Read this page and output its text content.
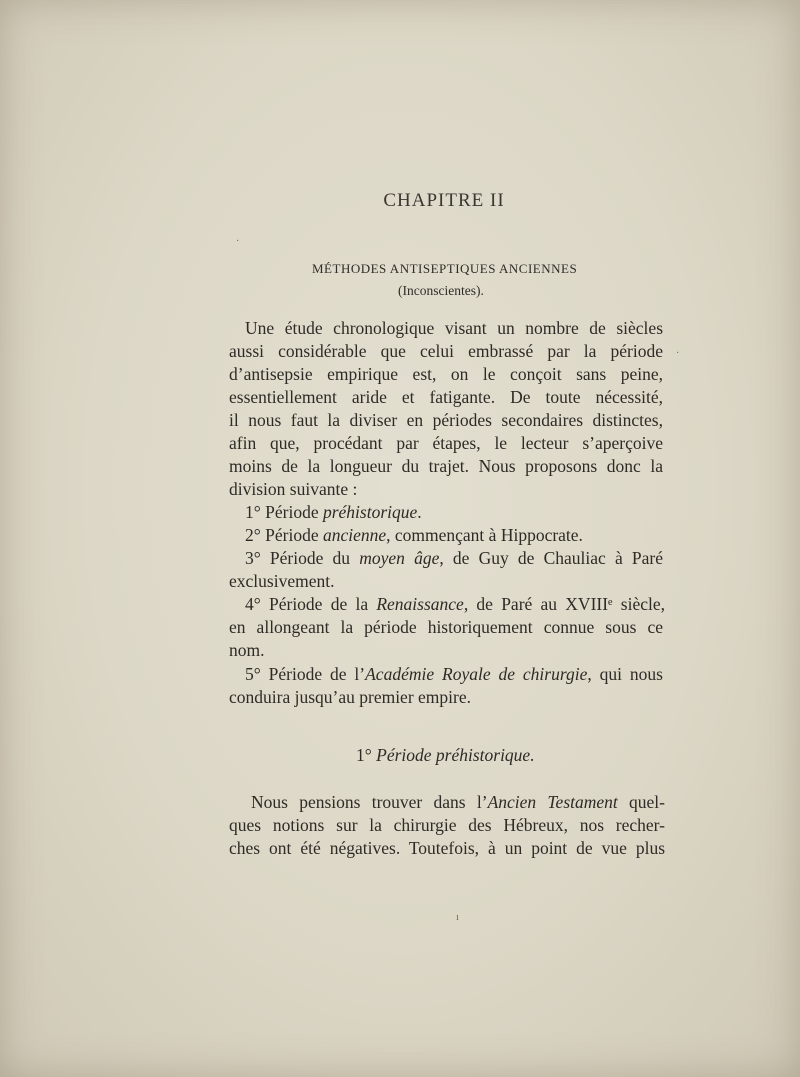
CHAPITRE II
·
MÉTHODES ANTISEPTIQUES ANCIENNES
(Inconscientes).
Une étude chronologique visant un nombre de siècles
aussi considérable que celui embrassé par la période
d’antisepsie empirique est, on le conçoit sans peine,
essentiellement aride et fatigante. De toute nécessité,
il nous faut la diviser en périodes secondaires distinctes,
afin que, procédant par étapes, le lecteur s’aperçoive
moins de la longueur du trajet. Nous proposons donc la
division suivante :
1° Période préhistorique.
2° Période ancienne, commençant à Hippocrate.
3° Période du moyen âge, de Guy de Chauliac à Paré
exclusivement.
4° Période de la Renaissance, de Paré au XVIIIᵉ siècle,
en allongeant la période historiquement connue sous ce
nom.
5° Période de l’Académie Royale de chirurgie, qui nous
conduira jusqu’au premier empire.
1° Période préhistorique.
Nous pensions trouver dans l’Ancien Testament quel-
ques notions sur la chirurgie des Hébreux, nos recher-
ches ont été négatives. Toutefois, à un point de vue plus
·
ı
